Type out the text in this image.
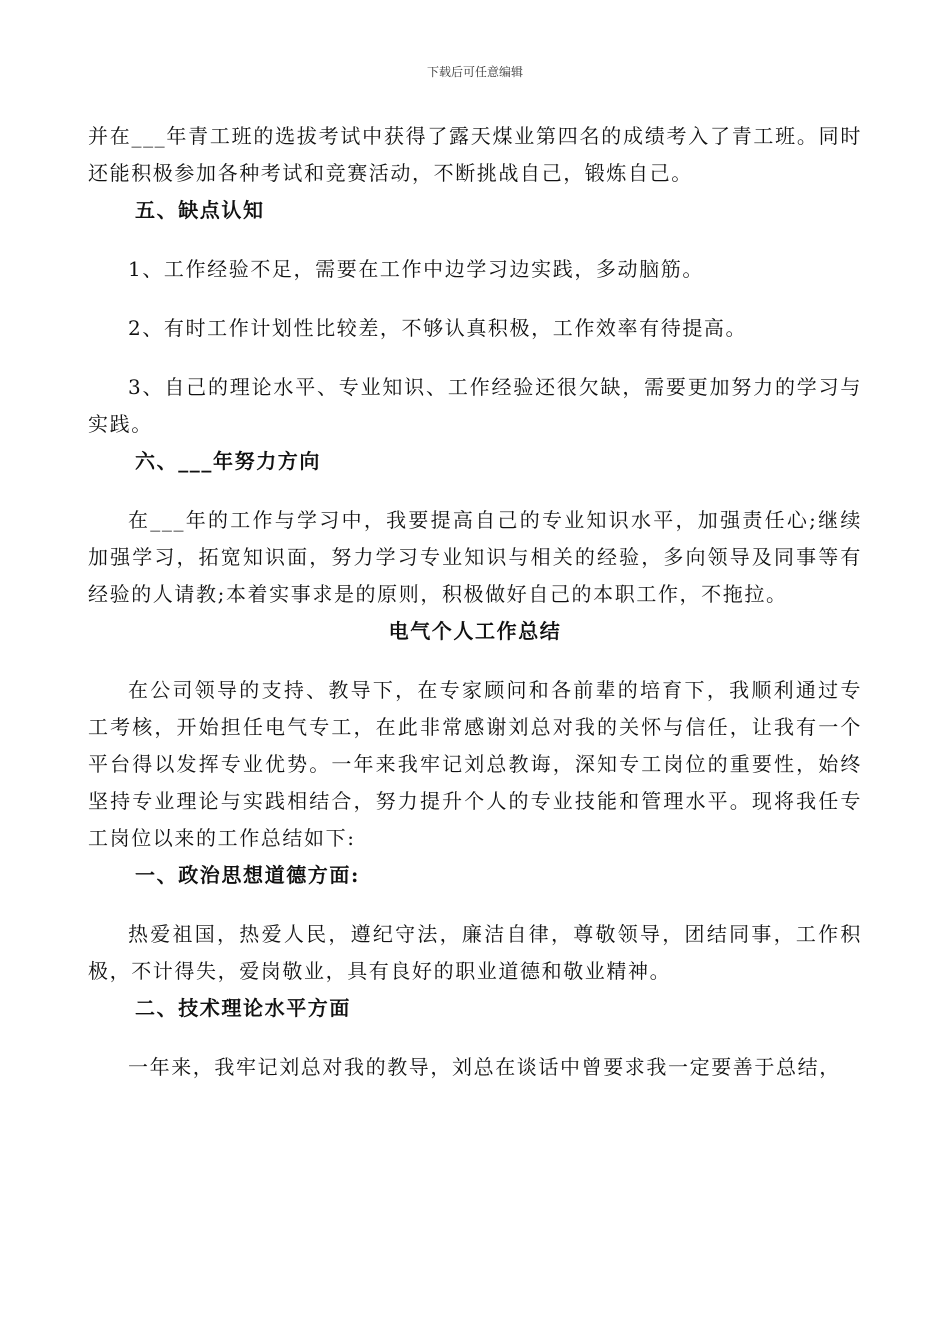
下载后可任意编辑

并在___年青工班的选拔考试中获得了露天煤业第四名的成绩考入了青工班。同时还能积极参加各种考试和竞赛活动，不断挑战自己，锻炼自己。

五、缺点认知

1、工作经验不足，需要在工作中边学习边实践，多动脑筋。

2、有时工作计划性比较差，不够认真积极，工作效率有待提高。

3、自己的理论水平、专业知识、工作经验还很欠缺，需要更加努力的学习与实践。

六、___年努力方向

在___年的工作与学习中，我要提高自己的专业知识水平，加强责任心;继续加强学习，拓宽知识面，努力学习专业知识与相关的经验，多向领导及同事等有经验的人请教;本着实事求是的原则，积极做好自己的本职工作，不拖拉。

电气个人工作总结

在公司领导的支持、教导下，在专家顾问和各前辈的培育下，我顺利通过专工考核，开始担任电气专工，在此非常感谢刘总对我的关怀与信任，让我有一个平台得以发挥专业优势。一年来我牢记刘总教诲，深知专工岗位的重要性，始终坚持专业理论与实践相结合，努力提升个人的专业技能和管理水平。现将我任专工岗位以来的工作总结如下:

一、政治思想道德方面:

热爱祖国，热爱人民，遵纪守法，廉洁自律，尊敬领导，团结同事，工作积极，不计得失，爱岗敬业，具有良好的职业道德和敬业精神。

二、技术理论水平方面

一年来，我牢记刘总对我的教导，刘总在谈话中曾要求我一定要善于总结，
